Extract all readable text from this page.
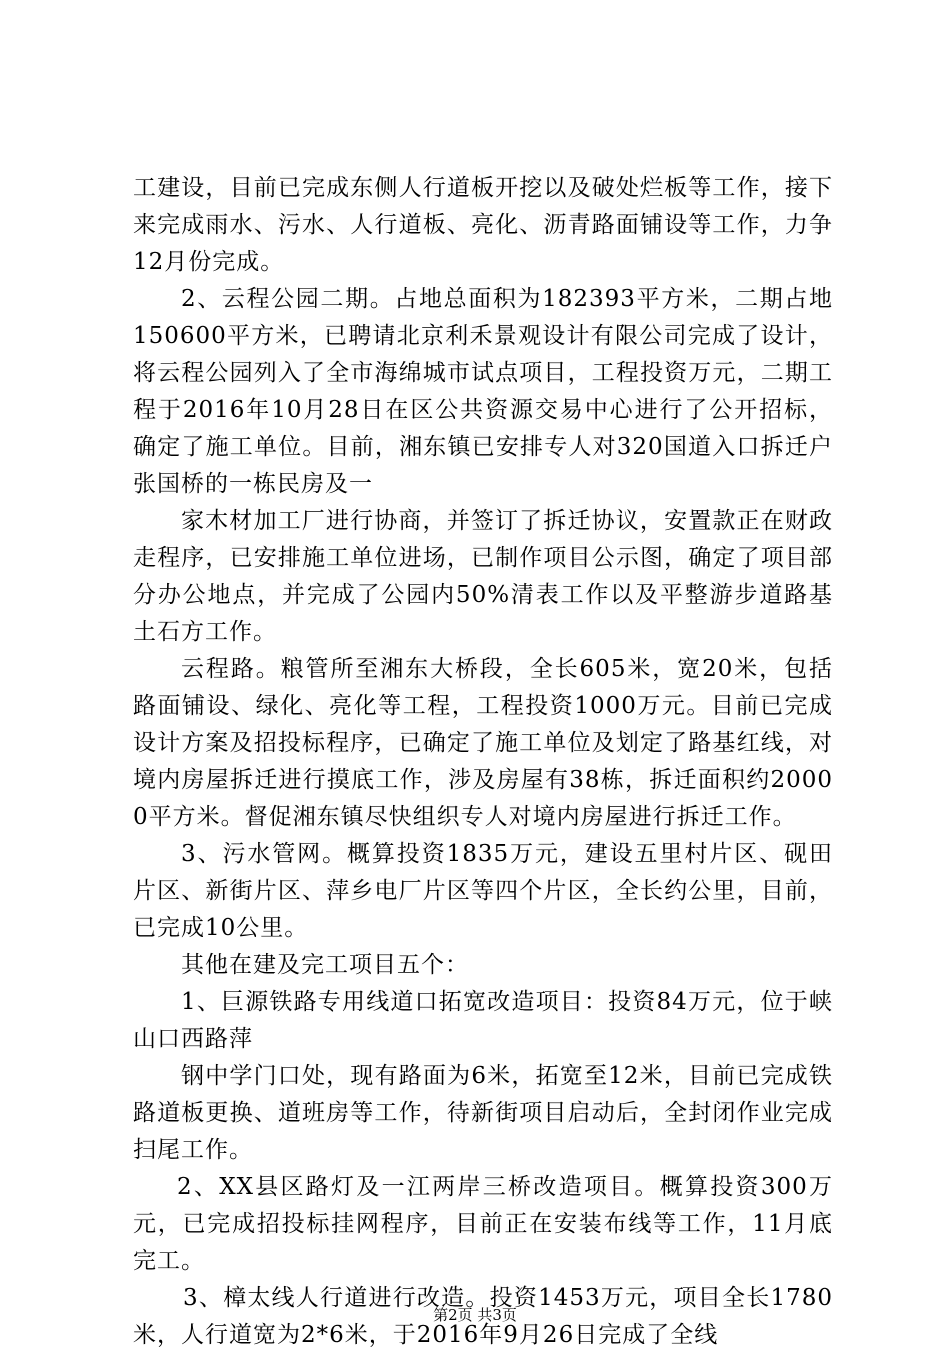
工建设，目前已完成东侧人行道板开挖以及破处烂板等工作，接下来完成雨水、污水、人行道板、亮化、沥青路面铺设等工作，力争12月份完成。

2、云程公园二期。占地总面积为182393平方米，二期占地150600平方米，已聘请北京利禾景观设计有限公司完成了设计，将云程公园列入了全市海绵城市试点项目，工程投资万元，二期工程于2016年10月28日在区公共资源交易中心进行了公开招标，确定了施工单位。目前，湘东镇已安排专人对320国道入口拆迁户张国桥的一栋民房及一

家木材加工厂进行协商，并签订了拆迁协议，安置款正在财政走程序，已安排施工单位进场，已制作项目公示图，确定了项目部分办公地点，并完成了公园内50%清表工作以及平整游步道路基土石方工作。

云程路。粮管所至湘东大桥段，全长605米，宽20米，包括路面铺设、绿化、亮化等工程，工程投资1000万元。目前已完成设计方案及招投标程序，已确定了施工单位及划定了路基红线，对境内房屋拆迁进行摸底工作，涉及房屋有38栋，拆迁面积约20000平方米。督促湘东镇尽快组织专人对境内房屋进行拆迁工作。

3、污水管网。概算投资1835万元，建设五里村片区、砚田片区、新街片区、萍乡电厂片区等四个片区，全长约公里，目前，已完成10公里。

其他在建及完工项目五个：

1、巨源铁路专用线道口拓宽改造项目：投资84万元，位于峡山口西路萍

钢中学门口处，现有路面为6米，拓宽至12米，目前已完成铁路道板更换、道班房等工作，待新街项目启动后，全封闭作业完成扫尾工作。

2、XX县区路灯及一江两岸三桥改造项目。概算投资300万元，已完成招投标挂网程序，目前正在安装布线等工作，11月底完工。

3、樟太线人行道进行改造。投资1453万元，项目全长1780米，人行道宽为2*6米，于2016年9月26日完成了全线

第2页 共3页
